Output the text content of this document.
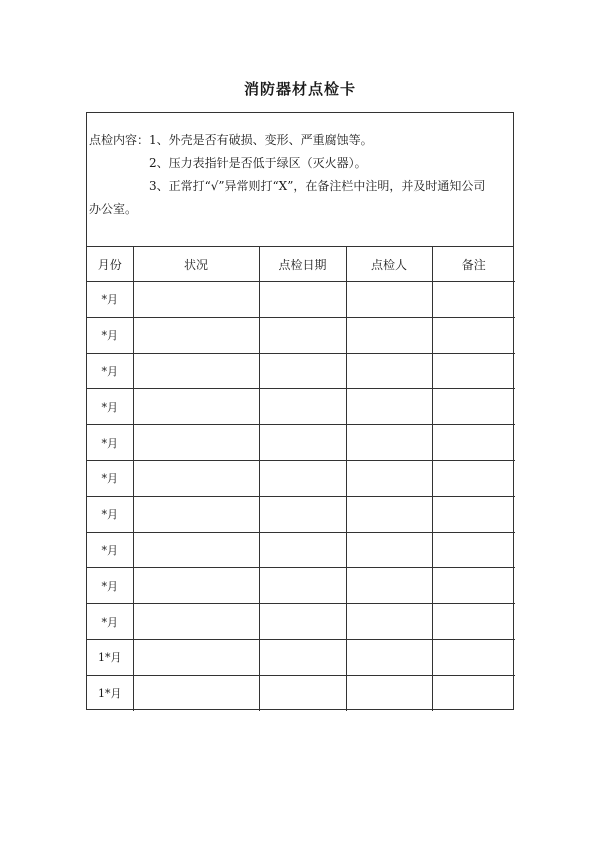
消防器材点检卡
点检内容：1、外壳是否有破损、变形、严重腐蚀等。
2、压力表指针是否低于绿区（灭火器）。
3、正常打“√”异常则打“X”，在备注栏中注明，并及时通知公司
办公室。
月份	状况	点检日期	点检人	备注
*月				
*月				
*月				
*月				
*月				
*月				
*月				
*月				
*月				
*月				
1*月				
1*月				
